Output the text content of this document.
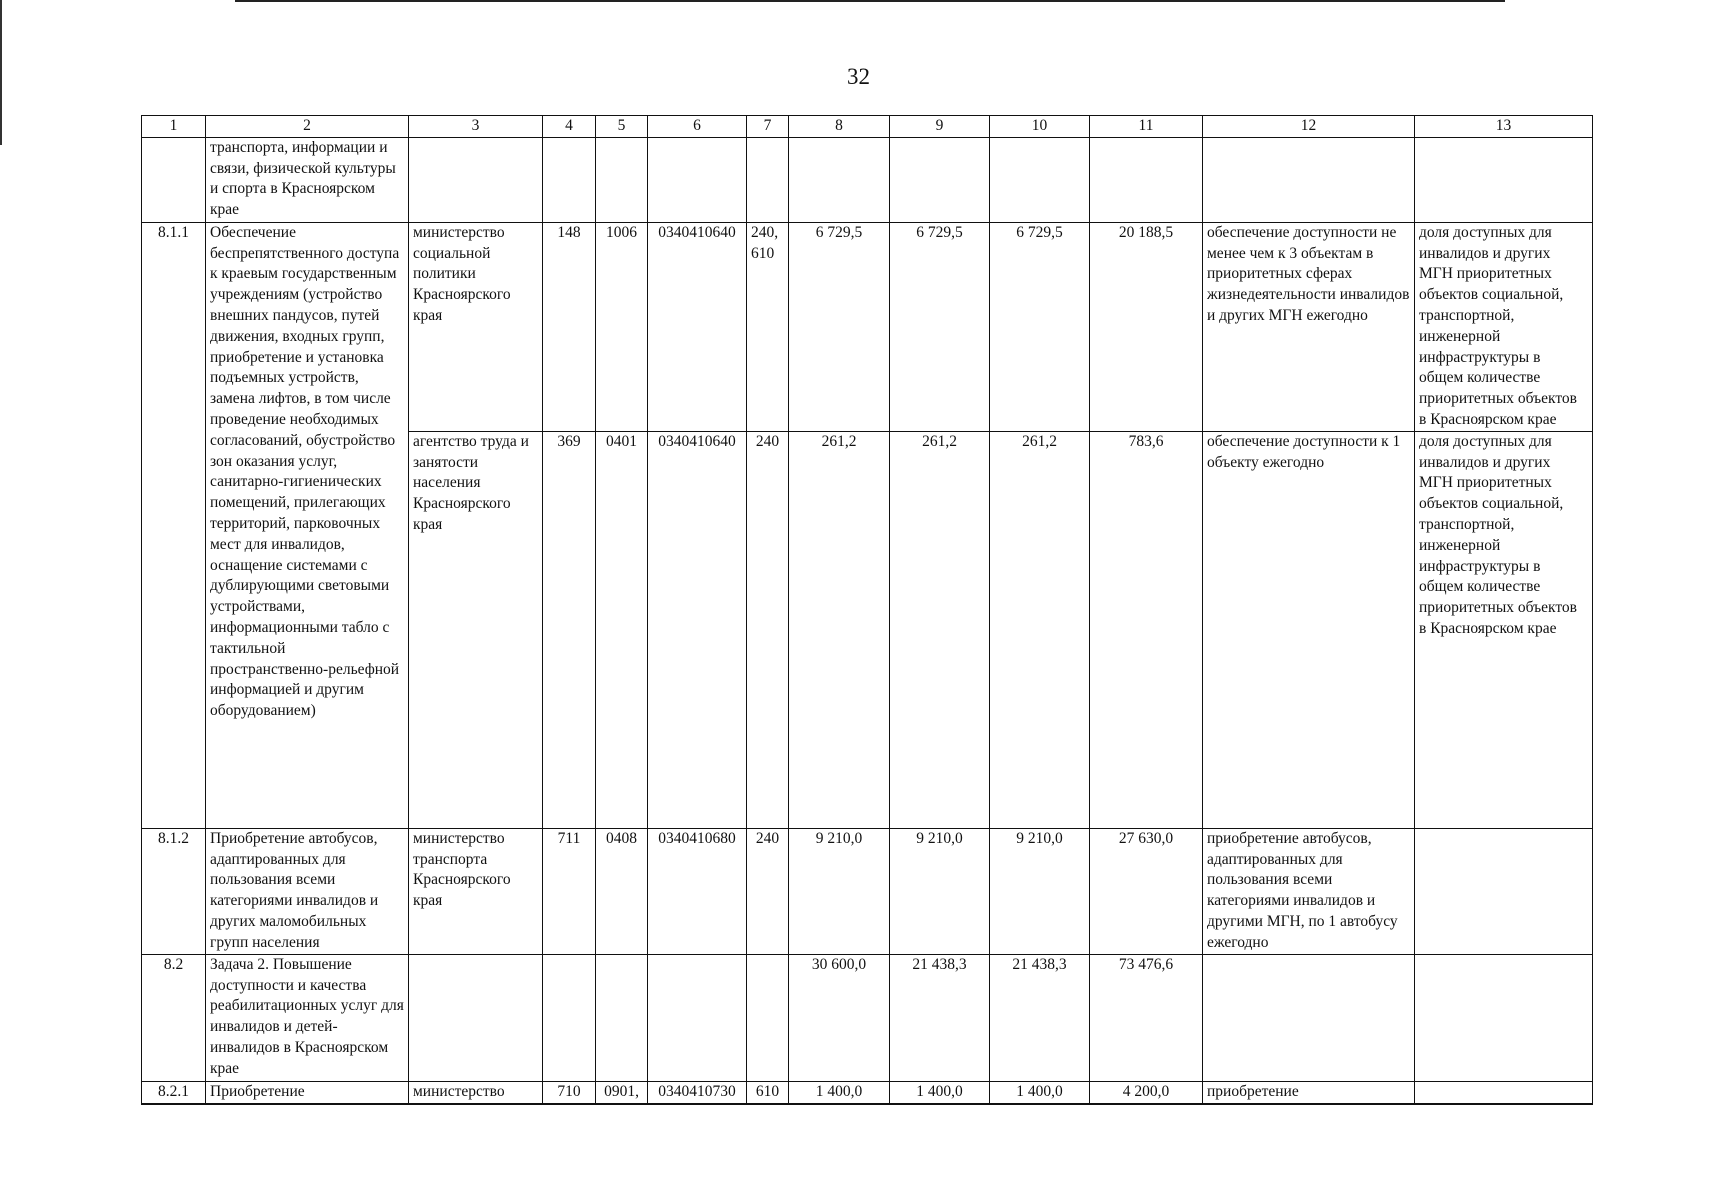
32
1	2	3	4	5	6	7	8	9	10	11	12	13
	транспорта, информации и связи, физической культуры и спорта в Красноярском крае											
8.1.1	Обеспечение беспрепятственного доступа к краевым государственным учреждениям (устройство внешних пандусов, путей движения, входных групп, приобретение и установка подъемных устройств, замена лифтов, в том числе проведение необходимых согласований, обустройство зон оказания услуг, санитарно-гигиенических помещений, прилегающих территорий, парковочных мест для инвалидов, оснащение системами с дублирующими световыми устройствами, информационными табло с тактильной пространственно-рельефной информацией и другим оборудованием)	министерство социальной политики Красноярского края	148	1006	0340410640	240, 610	6 729,5	6 729,5	6 729,5	20 188,5	обеспечение доступности не менее чем к 3 объектам в приоритетных сферах жизнедеятельности инвалидов и других МГН ежегодно	доля доступных для инвалидов и других МГН приоритетных объектов социальной, транспортной, инженерной инфраструктуры в общем количестве приоритетных объектов в Красноярском крае
		агентство труда и занятости населения Красноярского края	369	0401	0340410640	240	261,2	261,2	261,2	783,6	обеспечение доступности к 1 объекту ежегодно	доля доступных для инвалидов и других МГН приоритетных объектов социальной, транспортной, инженерной инфраструктуры в общем количестве приоритетных объектов в Красноярском крае
8.1.2	Приобретение автобусов, адаптированных для пользования всеми категориями инвалидов и других маломобильных групп населения	министерство транспорта Красноярского края	711	0408	0340410680	240	9 210,0	9 210,0	9 210,0	27 630,0	приобретение автобусов, адаптированных для пользования всеми категориями инвалидов и другими МГН, по 1 автобусу ежегодно	
8.2	Задача 2. Повышение доступности и качества реабилитационных услуг для инвалидов и детей-инвалидов в Красноярском крае						30 600,0	21 438,3	21 438,3	73 476,6		
8.2.1	Приобретение	министерство	710	0901,	0340410730	610	1 400,0	1 400,0	1 400,0	4 200,0	приобретение	
